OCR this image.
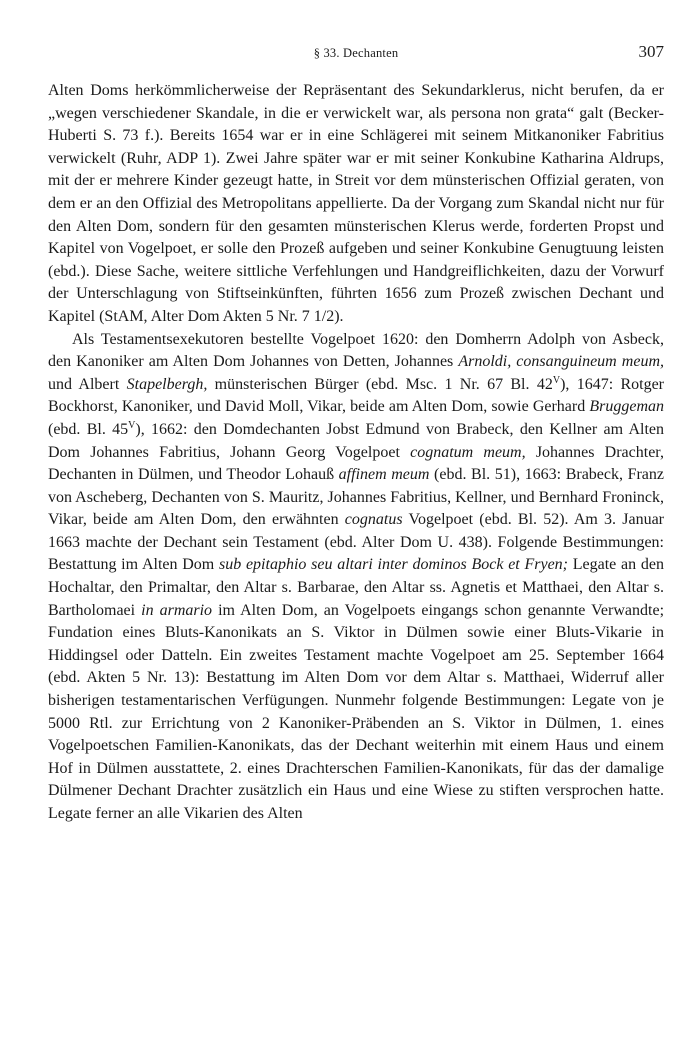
§ 33. Dechanten	307

Alten Doms herkömmlicherweise der Repräsentant des Sekundarklerus, nicht berufen, da er „wegen verschiedener Skandale, in die er verwickelt war, als persona non grata“ galt (Becker-Huberti S. 73 f.). Bereits 1654 war er in eine Schlägerei mit seinem Mitkanoniker Fabritius verwickelt (Ruhr, ADP 1). Zwei Jahre später war er mit seiner Konkubine Katharina Aldrups, mit der er mehrere Kinder gezeugt hatte, in Streit vor dem münsterischen Offizial geraten, von dem er an den Offizial des Metropolitans appellierte. Da der Vorgang zum Skandal nicht nur für den Alten Dom, sondern für den gesamten münsterischen Klerus werde, forderten Propst und Kapitel von Vogelpoet, er solle den Prozeß aufgeben und seiner Konkubine Genugtuung leisten (ebd.). Diese Sache, weitere sittliche Verfehlungen und Handgreiflichkeiten, dazu der Vorwurf der Unterschlagung von Stiftseinkünften, führten 1656 zum Prozeß zwischen Dechant und Kapitel (StAM, Alter Dom Akten 5 Nr. 7 1/2).

Als Testamentsexekutoren bestellte Vogelpoet 1620: den Domherrn Adolph von Asbeck, den Kanoniker am Alten Dom Johannes von Detten, Johannes Arnoldi, consanguineum meum, und Albert Stapelbergh, münsterischen Bürger (ebd. Msc. 1 Nr. 67 Bl. $42^V$), 1647: Rotger Bockhorst, Kanoniker, und David Moll, Vikar, beide am Alten Dom, sowie Gerhard Bruggeman (ebd. Bl. $45^V$), 1662: den Domdechanten Jobst Edmund von Brabeck, den Kellner am Alten Dom Johannes Fabritius, Johann Georg Vogelpoet cognatum meum, Johannes Drachter, Dechanten in Dülmen, und Theodor Lohauß affinem meum (ebd. Bl. 51), 1663: Brabeck, Franz von Ascheberg, Dechanten von S. Mauritz, Johannes Fabritius, Kellner, und Bernhard Froninck, Vikar, beide am Alten Dom, den erwähnten cognatus Vogelpoet (ebd. Bl. 52). Am 3. Januar 1663 machte der Dechant sein Testament (ebd. Alter Dom U. 438). Folgende Bestimmungen: Bestattung im Alten Dom sub epitaphio seu altari inter dominos Bock et Fryen; Legate an den Hochaltar, den Primaltar, den Altar s. Barbarae, den Altar ss. Agnetis et Matthaei, den Altar s. Bartholomaei in armario im Alten Dom, an Vogelpoets eingangs schon genannte Verwandte; Fundation eines Bluts-Kanonikats an S. Viktor in Dülmen sowie einer Bluts-Vikarie in Hiddingsel oder Datteln. Ein zweites Testament machte Vogelpoet am 25. September 1664 (ebd. Akten 5 Nr. 13): Bestattung im Alten Dom vor dem Altar s. Matthaei, Widerruf aller bisherigen testamentarischen Verfügungen. Nunmehr folgende Bestimmungen: Legate von je 5000 Rtl. zur Errichtung von 2 Kanoniker-Präbenden an S. Viktor in Dülmen, 1. eines Vogelpoetschen Familien-Kanonikats, das der Dechant weiterhin mit einem Haus und einem Hof in Dülmen ausstattete, 2. eines Drachterschen Familien-Kanonikats, für das der damalige Dülmener Dechant Drachter zusätzlich ein Haus und eine Wiese zu stiften versprochen hatte. Legate ferner an alle Vikarien des Alten
